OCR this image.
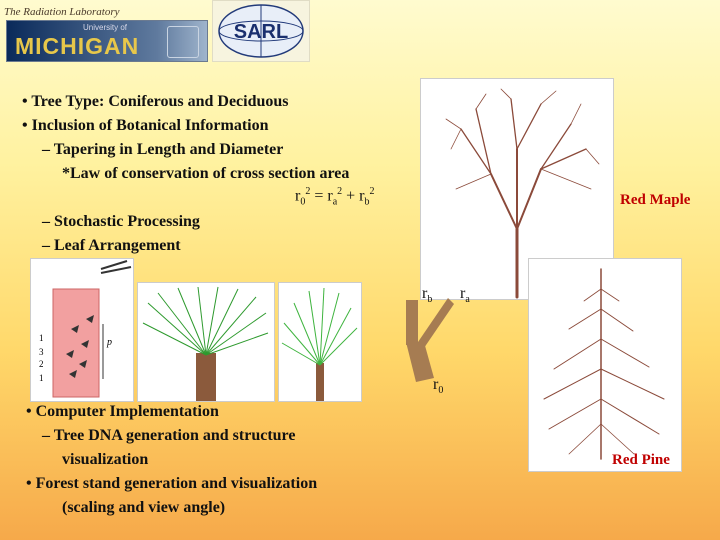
The Radiation Laboratory
University of
MICHIGAN
SARL
• Tree Type: Coniferous and Deciduous
• Inclusion of Botanical Information
– Tapering in Length and Diameter
*Law of conservation of cross section area
$r_0^2 = r_a^2 + r_b^2$
– Stochastic Processing
– Leaf Arrangement
Red Maple
1
3
2
1
p
$r_b$ $r_a$
$r_0$
Red Pine
• Computer Implementation
– Tree DNA generation and structure
visualization
• Forest stand generation and visualization
(scaling and view angle)
